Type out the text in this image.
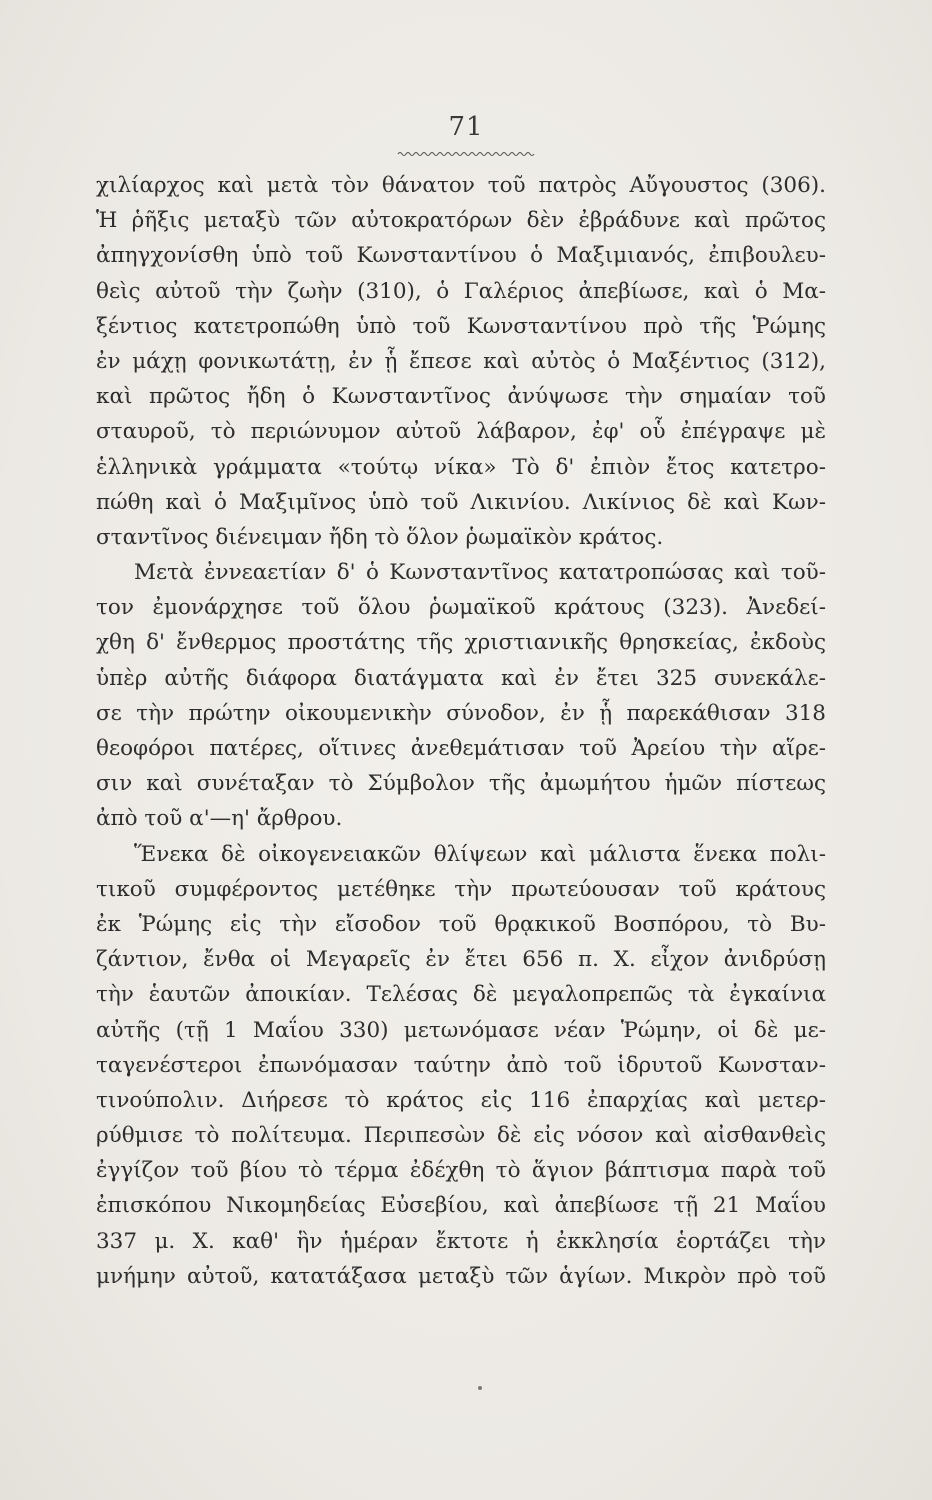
71
χιλίαρχος καὶ μετὰ τὸν θάνατον τοῦ πατρὸς Αὔγουστος (306).
Ἡ ῥῆξις μεταξὺ τῶν αὐτοκρατόρων δὲν ἐβράδυνε καὶ πρῶτος
ἀπηγχονίσθη ὑπὸ τοῦ Κωνσταντίνου ὁ Μαξιμιανός, ἐπιβουλευ-
θεὶς αὐτοῦ τὴν ζωὴν (310), ὁ Γαλέριος ἀπεβίωσε, καὶ ὁ Μα-
ξέντιος κατετροπώθη ὑπὸ τοῦ Κωνσταντίνου πρὸ τῆς Ῥώμης
ἐν μάχῃ φονικωτάτῃ, ἐν ᾗ ἔπεσε καὶ αὐτὸς ὁ Μαξέντιος (312),
καὶ πρῶτος ἤδη ὁ Κωνσταντῖνος ἀνύψωσε τὴν σημαίαν τοῦ
σταυροῦ, τὸ περιώνυμον αὐτοῦ λάβαρον, ἐφ' οὗ ἐπέγραψε μὲ
ἑλληνικὰ γράμματα «τούτῳ νίκα» Τὸ δ' ἐπιὸν ἔτος κατετρο-
πώθη καὶ ὁ Μαξιμῖνος ὑπὸ τοῦ Λικινίου. Λικίνιος δὲ καὶ Κων-
σταντῖνος διένειμαν ἤδη τὸ ὅλον ῥωμαϊκὸν κράτος.
Μετὰ ἐννεαετίαν δ' ὁ Κωνσταντῖνος κατατροπώσας καὶ τοῦ-
τον ἐμονάρχησε τοῦ ὅλου ῥωμαϊκοῦ κράτους (323). Ἀνεδεί-
χθη δ' ἔνθερμος προστάτης τῆς χριστιανικῆς θρησκείας, ἐκδοὺς
ὑπὲρ αὐτῆς διάφορα διατάγματα καὶ ἐν ἔτει 325 συνεκάλε-
σε τὴν πρώτην οἰκουμενικὴν σύνοδον, ἐν ᾗ παρεκάθισαν 318
θεοφόροι πατέρες, οἵτινες ἀνεθεμάτισαν τοῦ Ἀρείου τὴν αἵρε-
σιν καὶ συνέταξαν τὸ Σύμβολον τῆς ἀμωμήτου ἡμῶν πίστεως
ἀπὸ τοῦ α'—η' ἄρθρου.
Ἕνεκα δὲ οἰκογενειακῶν θλίψεων καὶ μάλιστα ἕνεκα πολι-
τικοῦ συμφέροντος μετέθηκε τὴν πρωτεύουσαν τοῦ κράτους
ἐκ Ῥώμης εἰς τὴν εἴσοδον τοῦ θρᾳκικοῦ Βοσπόρου, τὸ Βυ-
ζάντιον, ἔνθα οἱ Μεγαρεῖς ἐν ἔτει 656 π. Χ. εἶχον ἀνιδρύσῃ
τὴν ἑαυτῶν ἀποικίαν. Τελέσας δὲ μεγαλοπρεπῶς τὰ ἐγκαίνια
αὐτῆς (τῇ 1 Μαΐου 330) μετωνόμασε νέαν Ῥώμην, οἱ δὲ με-
ταγενέστεροι ἐπωνόμασαν ταύτην ἀπὸ τοῦ ἱδρυτοῦ Κωνσταν-
τινούπολιν. Διήρεσε τὸ κράτος εἰς 116 ἐπαρχίας καὶ μετερ-
ρύθμισε τὸ πολίτευμα. Περιπεσὼν δὲ εἰς νόσον καὶ αἰσθανθεὶς
ἐγγίζον τοῦ βίου τὸ τέρμα ἐδέχθη τὸ ἅγιον βάπτισμα παρὰ τοῦ
ἐπισκόπου Νικομηδείας Εὐσεβίου, καὶ ἀπεβίωσε τῇ 21 Μαΐου
337 μ. Χ. καθ' ἣν ἡμέραν ἔκτοτε ἡ ἐκκλησία ἑορτάζει τὴν
μνήμην αὐτοῦ, κατατάξασα μεταξὺ τῶν ἁγίων. Μικρὸν πρὸ τοῦ
